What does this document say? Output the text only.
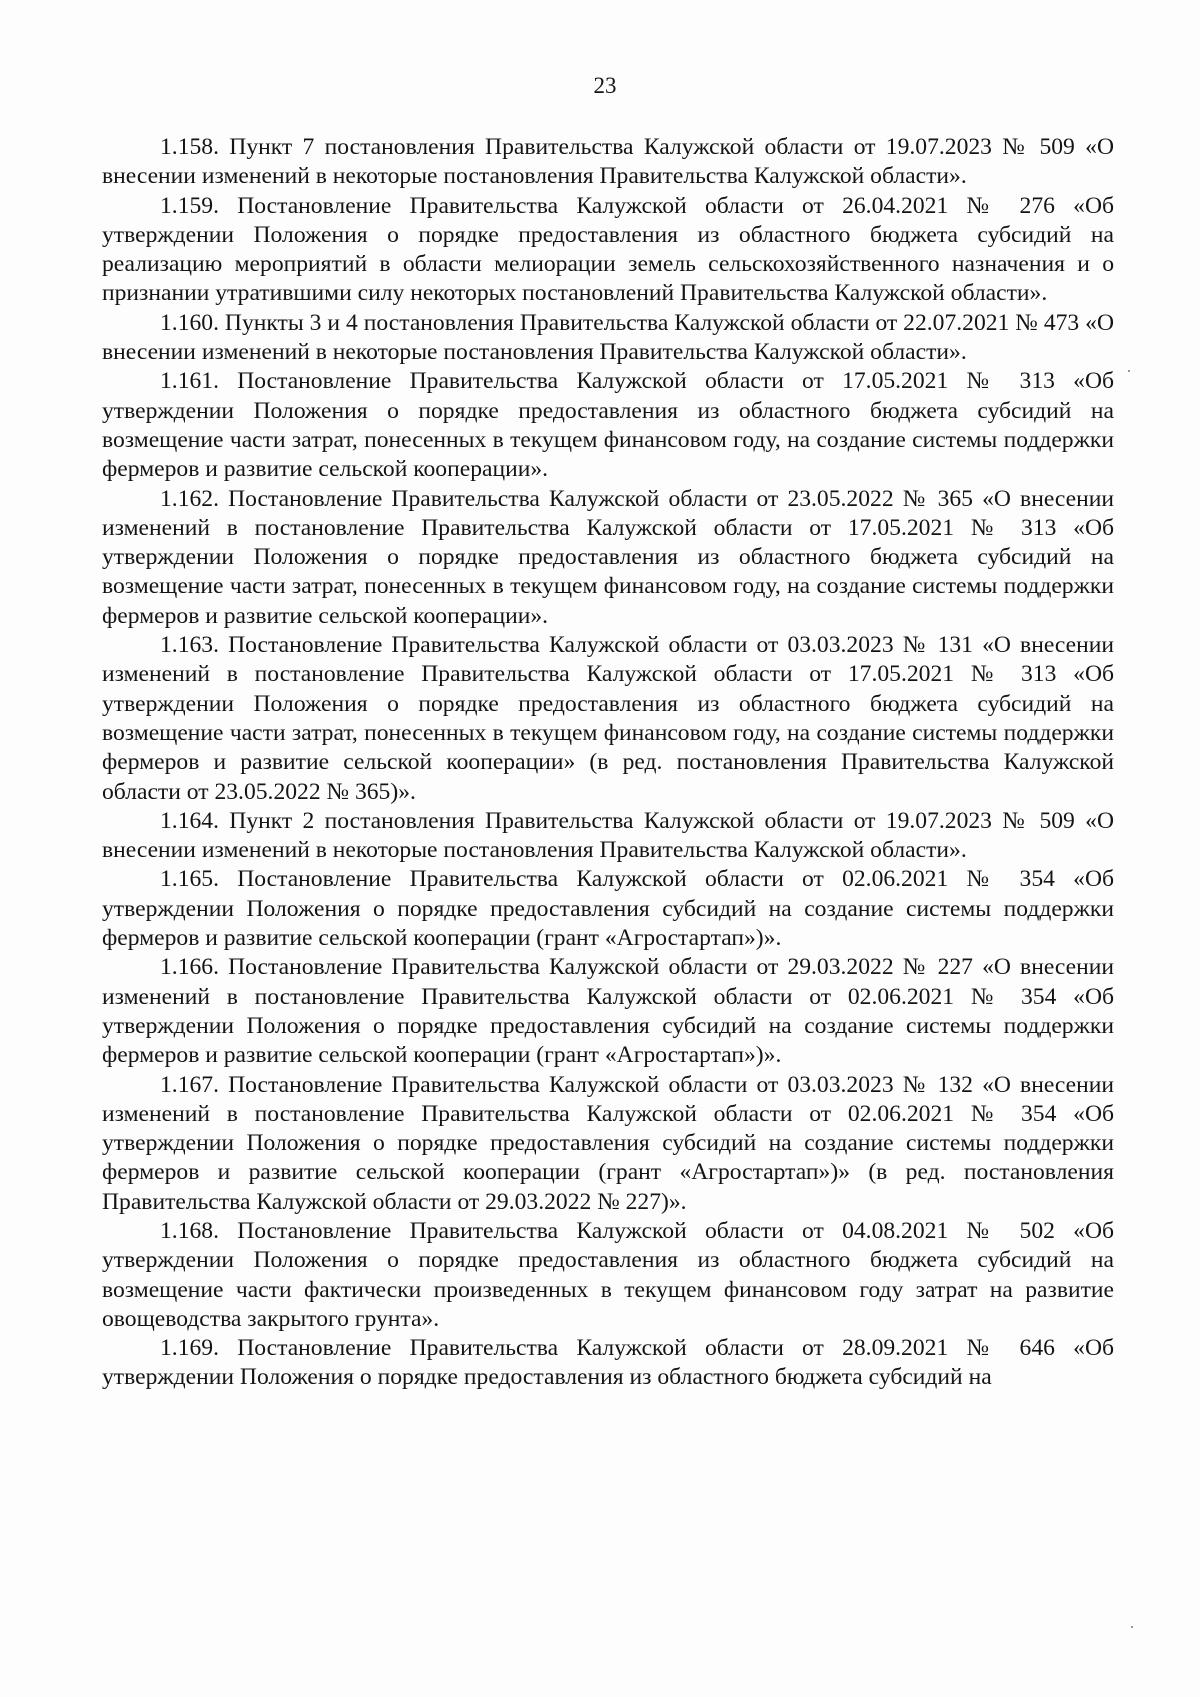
23

1.158. Пункт 7 постановления Правительства Калужской области от 19.07.2023 № 509 «О внесении изменений в некоторые постановления Правительства Калужской области».

1.159. Постановление Правительства Калужской области от 26.04.2021 № 276 «Об утверждении Положения о порядке предоставления из областного бюджета субсидий на реализацию мероприятий в области мелиорации земель сельскохозяйственного назначения и о признании утратившими силу некоторых постановлений Правительства Калужской области».

1.160. Пункты 3 и 4 постановления Правительства Калужской области от 22.07.2021 № 473 «О внесении изменений в некоторые постановления Правительства Калужской области».

1.161. Постановление Правительства Калужской области от 17.05.2021 № 313 «Об утверждении Положения о порядке предоставления из областного бюджета субсидий на возмещение части затрат, понесенных в текущем финансовом году, на создание системы поддержки фермеров и развитие сельской кооперации».

1.162. Постановление Правительства Калужской области от 23.05.2022 № 365 «О внесении изменений в постановление Правительства Калужской области от 17.05.2021 № 313 «Об утверждении Положения о порядке предоставления из областного бюджета субсидий на возмещение части затрат, понесенных в текущем финансовом году, на создание системы поддержки фермеров и развитие сельской кооперации».

1.163. Постановление Правительства Калужской области от 03.03.2023 № 131 «О внесении изменений в постановление Правительства Калужской области от 17.05.2021 № 313 «Об утверждении Положения о порядке предоставления из областного бюджета субсидий на возмещение части затрат, понесенных в текущем финансовом году, на создание системы поддержки фермеров и развитие сельской кооперации» (в ред. постановления Правительства Калужской области от 23.05.2022 № 365)».

1.164. Пункт 2 постановления Правительства Калужской области от 19.07.2023 № 509 «О внесении изменений в некоторые постановления Правительства Калужской области».

1.165. Постановление Правительства Калужской области от 02.06.2021 № 354 «Об утверждении Положения о порядке предоставления субсидий на создание системы поддержки фермеров и развитие сельской кооперации (грант «Агростартап»)».

1.166. Постановление Правительства Калужской области от 29.03.2022 № 227 «О внесении изменений в постановление Правительства Калужской области от 02.06.2021 № 354 «Об утверждении Положения о порядке предоставления субсидий на создание системы поддержки фермеров и развитие сельской кооперации (грант «Агростартап»)».

1.167. Постановление Правительства Калужской области от 03.03.2023 № 132 «О внесении изменений в постановление Правительства Калужской области от 02.06.2021 № 354 «Об утверждении Положения о порядке предоставления субсидий на создание системы поддержки фермеров и развитие сельской кооперации (грант «Агростартап»)» (в ред. постановления Правительства Калужской области от 29.03.2022 № 227)».

1.168. Постановление Правительства Калужской области от 04.08.2021 № 502 «Об утверждении Положения о порядке предоставления из областного бюджета субсидий на возмещение части фактически произведенных в текущем финансовом году затрат на развитие овощеводства закрытого грунта».

1.169. Постановление Правительства Калужской области от 28.09.2021 № 646 «Об утверждении Положения о порядке предоставления из областного бюджета субсидий на
